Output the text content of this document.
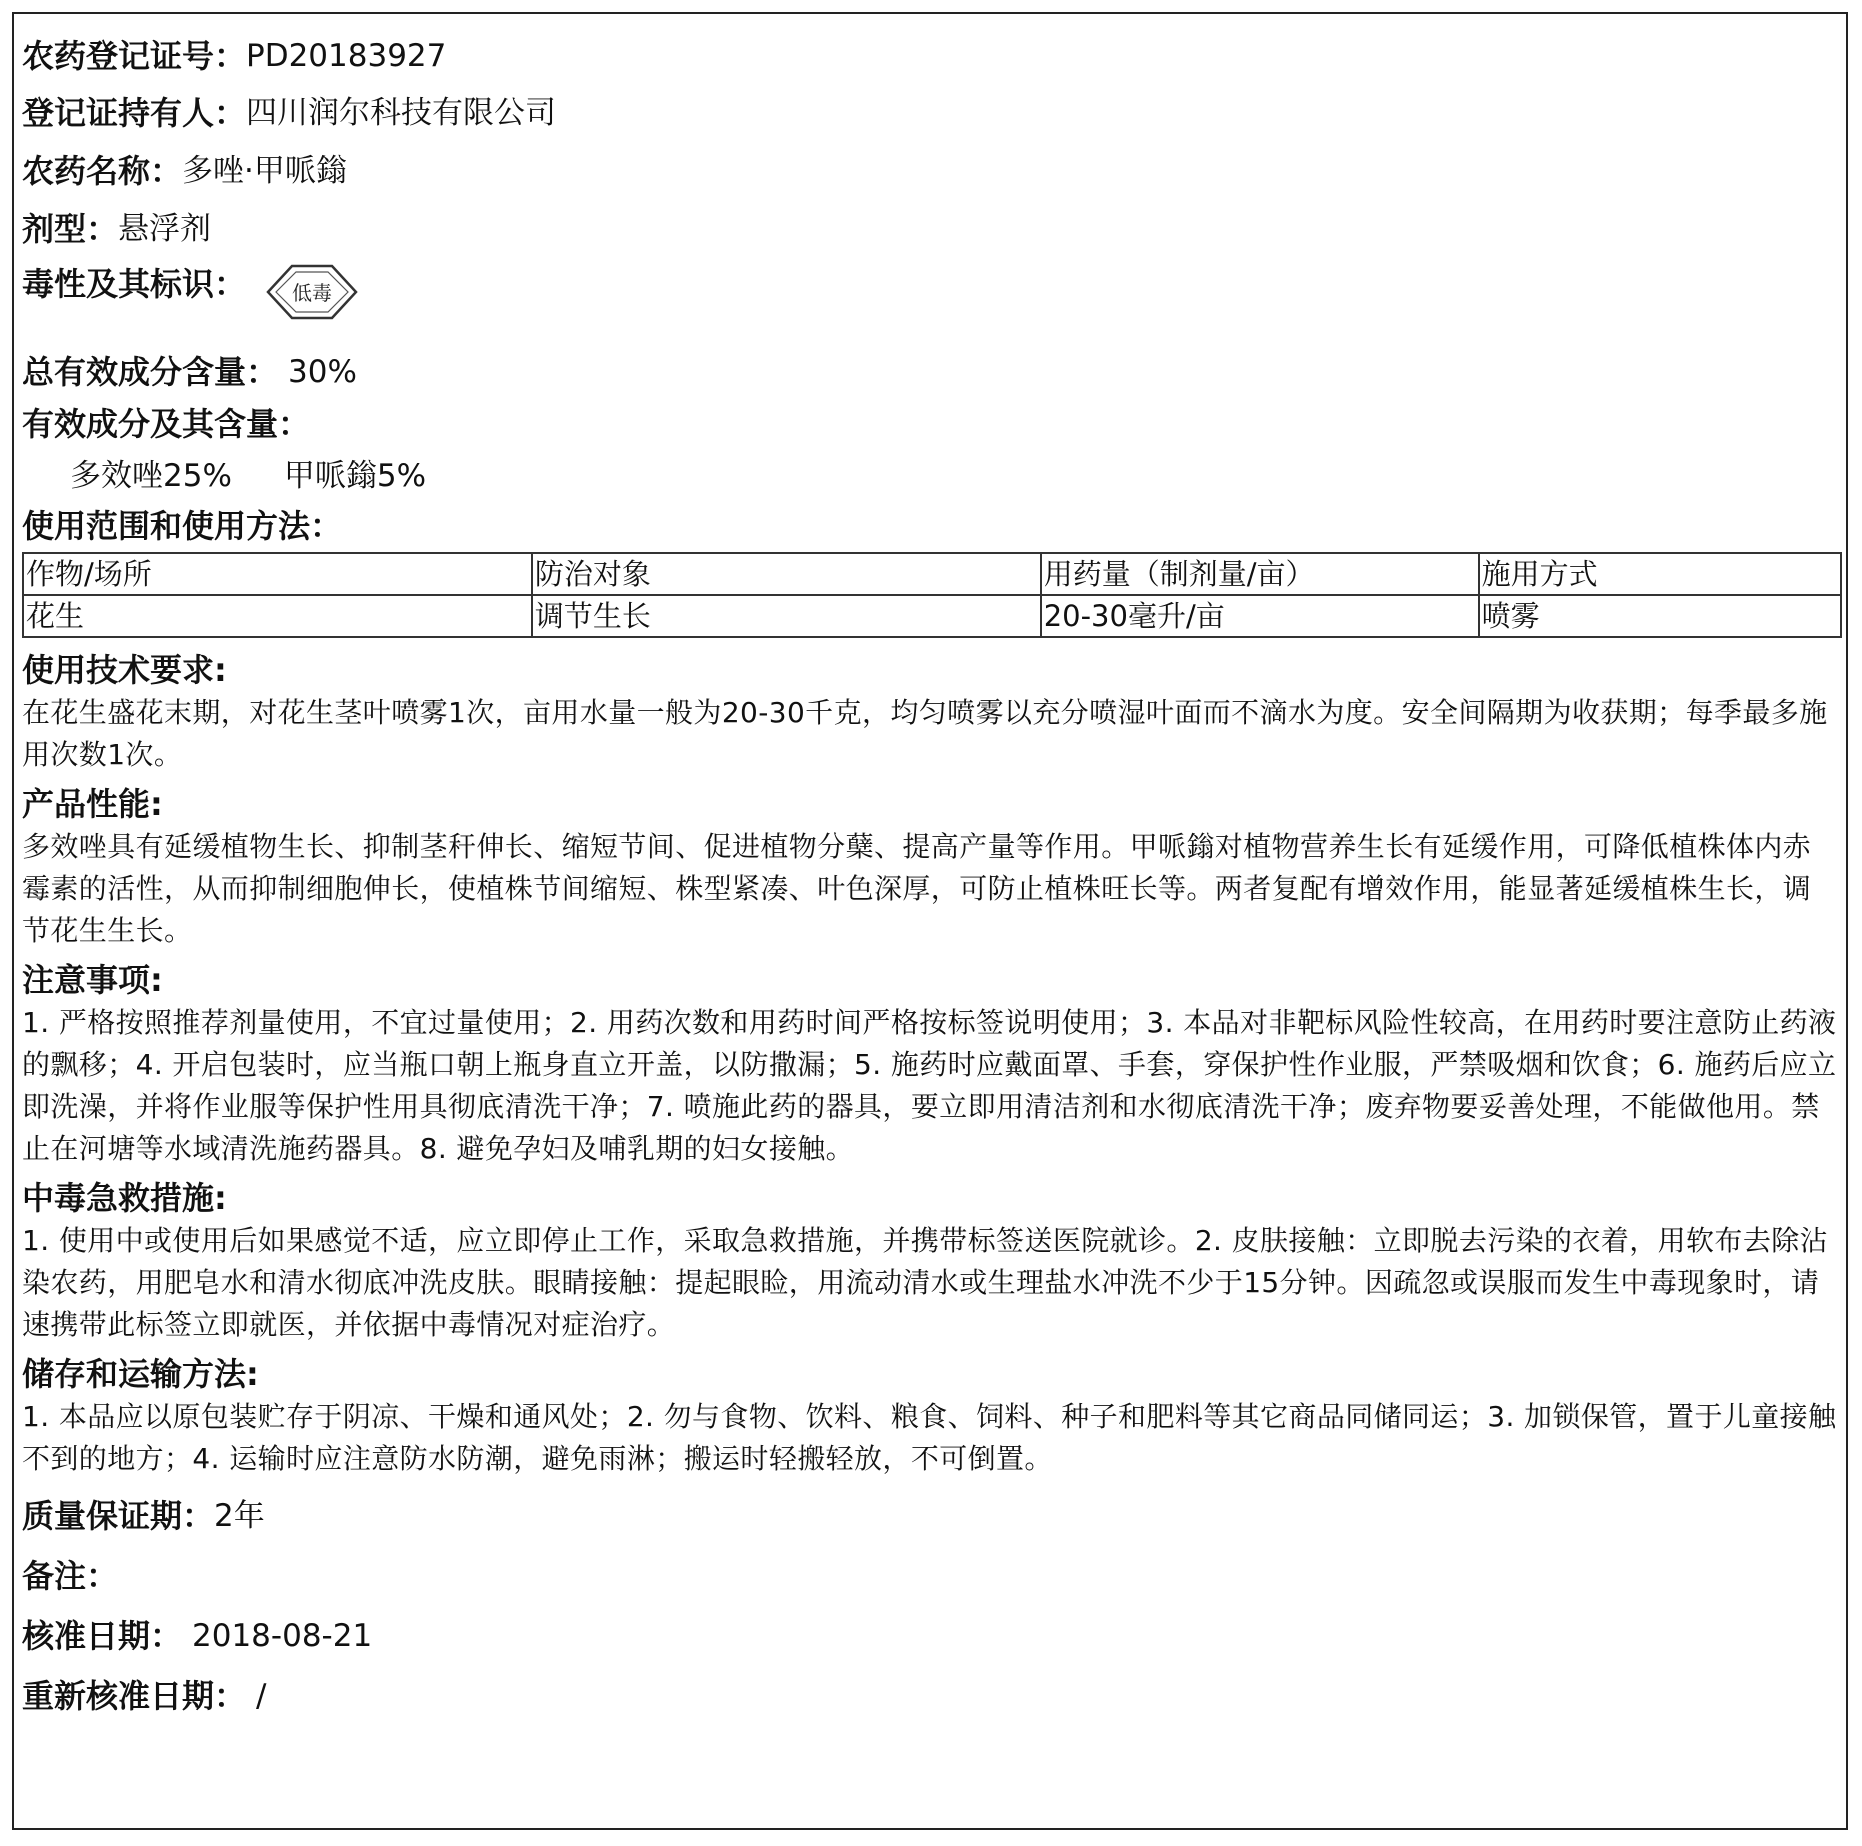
农药登记证号： PD20183927
登记证持有人： 四川润尔科技有限公司
农药名称： 多唑·甲哌鎓
剂型： 悬浮剂
毒性及其标识： 低毒
总有效成分含量： 30%
有效成分及其含量：
多效唑25% 甲哌鎓5%
使用范围和使用方法：
作物/场所	防治对象	用药量（制剂量/亩）	施用方式
花生	调节生长	20-30毫升/亩	喷雾
使用技术要求:
在花生盛花末期，对花生茎叶喷雾1次，亩用水量一般为20-30千克，均匀喷雾以充分喷湿叶面而不滴水为度。安全间隔期为收获期；每季最多施用次数1次。
产品性能:
多效唑具有延缓植物生长、抑制茎秆伸长、缩短节间、促进植物分蘖、提高产量等作用。甲哌鎓对植物营养生长有延缓作用，可降低植株体内赤霉素的活性，从而抑制细胞伸长，使植株节间缩短、株型紧凑、叶色深厚，可防止植株旺长等。两者复配有增效作用，能显著延缓植株生长，调节花生生长。
注意事项:
1. 严格按照推荐剂量使用，不宜过量使用；2. 用药次数和用药时间严格按标签说明使用；3. 本品对非靶标风险性较高，在用药时要注意防止药液的飘移；4. 开启包装时，应当瓶口朝上瓶身直立开盖，以防撒漏；5. 施药时应戴面罩、手套，穿保护性作业服，严禁吸烟和饮食；6. 施药后应立即洗澡，并将作业服等保护性用具彻底清洗干净；7. 喷施此药的器具，要立即用清洁剂和水彻底清洗干净；废弃物要妥善处理，不能做他用。禁止在河塘等水域清洗施药器具。8. 避免孕妇及哺乳期的妇女接触。
中毒急救措施:
1. 使用中或使用后如果感觉不适，应立即停止工作，采取急救措施，并携带标签送医院就诊。2. 皮肤接触：立即脱去污染的衣着，用软布去除沾染农药，用肥皂水和清水彻底冲洗皮肤。眼睛接触：提起眼睑，用流动清水或生理盐水冲洗不少于15分钟。因疏忽或误服而发生中毒现象时，请速携带此标签立即就医，并依据中毒情况对症治疗。
储存和运输方法:
1. 本品应以原包装贮存于阴凉、干燥和通风处；2. 勿与食物、饮料、粮食、饲料、种子和肥料等其它商品同储同运；3. 加锁保管，置于儿童接触不到的地方；4. 运输时应注意防水防潮，避免雨淋；搬运时轻搬轻放，不可倒置。
质量保证期： 2年
备注：
核准日期： 2018-08-21
重新核准日期： /
